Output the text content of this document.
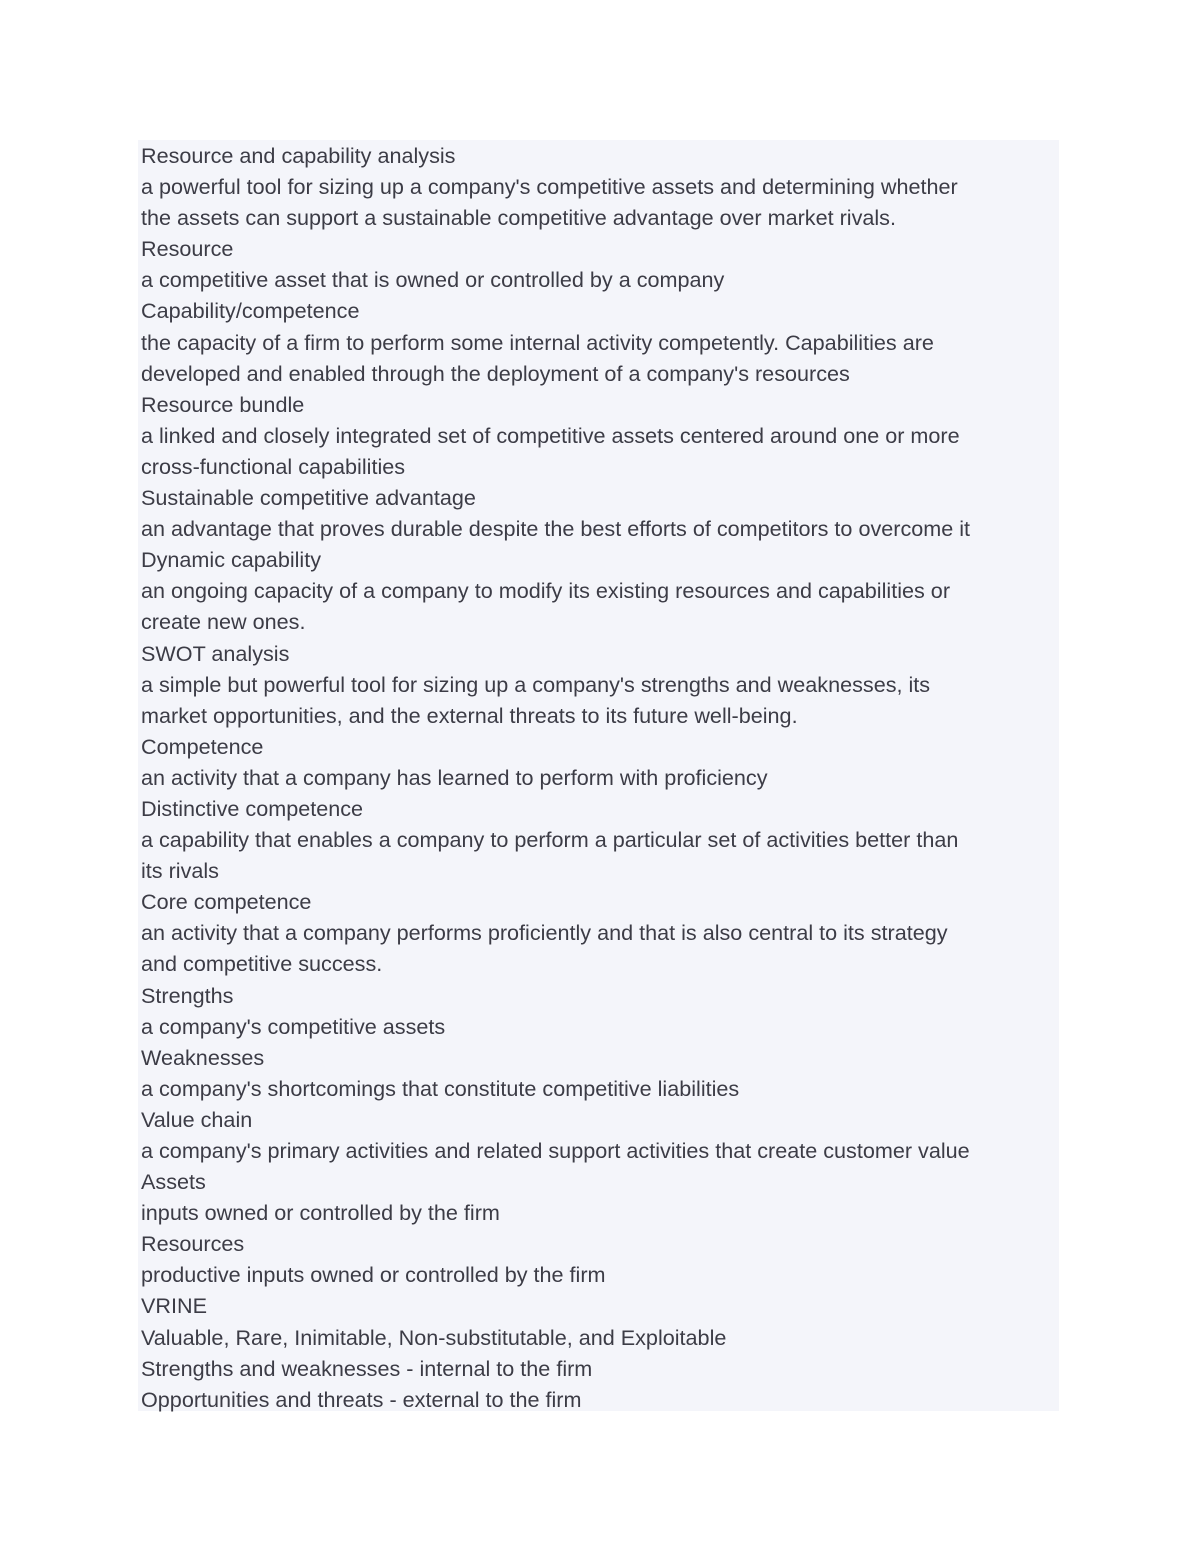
Resource and capability analysis
a powerful tool for sizing up a company's competitive assets and determining whether
the assets can support a sustainable competitive advantage over market rivals.
Resource
a competitive asset that is owned or controlled by a company
Capability/competence
the capacity of a firm to perform some internal activity competently. Capabilities are
developed and enabled through the deployment of a company's resources
Resource bundle
a linked and closely integrated set of competitive assets centered around one or more
cross-functional capabilities
Sustainable competitive advantage
an advantage that proves durable despite the best efforts of competitors to overcome it
Dynamic capability
an ongoing capacity of a company to modify its existing resources and capabilities or
create new ones.
SWOT analysis
a simple but powerful tool for sizing up a company's strengths and weaknesses, its
market opportunities, and the external threats to its future well-being.
Competence
an activity that a company has learned to perform with proficiency
Distinctive competence
a capability that enables a company to perform a particular set of activities better than
its rivals
Core competence
an activity that a company performs proficiently and that is also central to its strategy
and competitive success.
Strengths
a company's competitive assets
Weaknesses
a company's shortcomings that constitute competitive liabilities
Value chain
a company's primary activities and related support activities that create customer value
Assets
inputs owned or controlled by the firm
Resources
productive inputs owned or controlled by the firm
VRINE
Valuable, Rare, Inimitable, Non-substitutable, and Exploitable
Strengths and weaknesses - internal to the firm
Opportunities and threats - external to the firm
